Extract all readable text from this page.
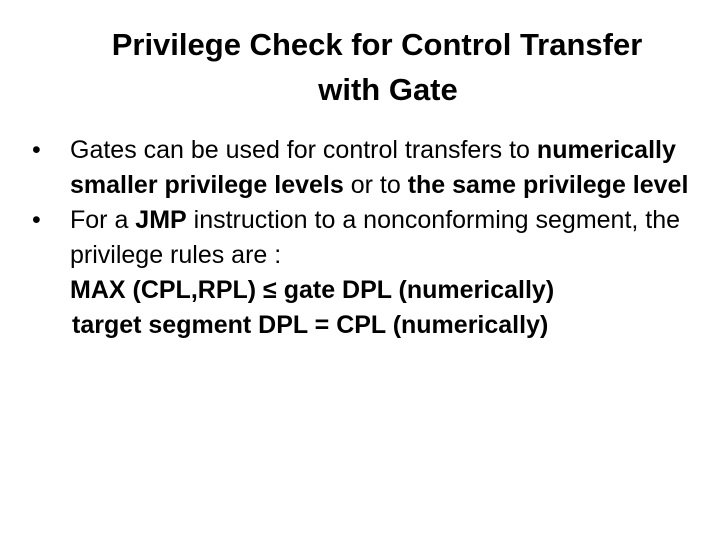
Privilege Check for Control Transfer
with Gate
• Gates can be used for control transfers to numerically smaller privilege levels or to the same privilege level
• For a JMP instruction to a nonconforming segment, the privilege rules are :
MAX (CPL,RPL) ≤ gate DPL (numerically)
target segment DPL = CPL (numerically)
